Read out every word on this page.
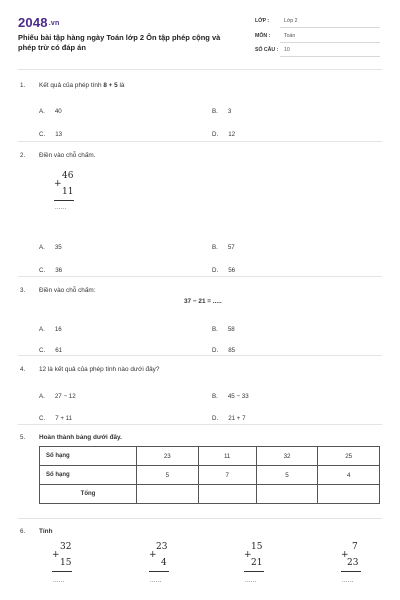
2048.vn
Phiếu bài tập hàng ngày Toán lớp 2 Ôn tập phép cộng và phép trừ có đáp án
LỚP :	Lớp 2
MÔN :	Toán
SỐ CÂU : 10
1. Kết quả của phép tính 8 + 5 là
A. 40	B. 3
C. 13	D. 12
2. Điền vào chỗ chấm.
46
+
11
......
A. 35	B. 57
C. 36	D. 56
3. Điền vào chỗ chấm:
37 − 21 = .....
A. 16	B. 58
C. 61	D. 85
4. 12 là kết quả của phép tính nào dưới đây?
A. 27 − 12	B. 45 − 33
C. 7 + 11	D. 21 + 7
5. Hoàn thành bảng dưới đây.
Số hạng	23	11	32	25
Số hạng	5	7	5	4
Tổng				
6. Tính
32
+
15
......
23
+
4
......
15
+
21
......
7
+
23
......
